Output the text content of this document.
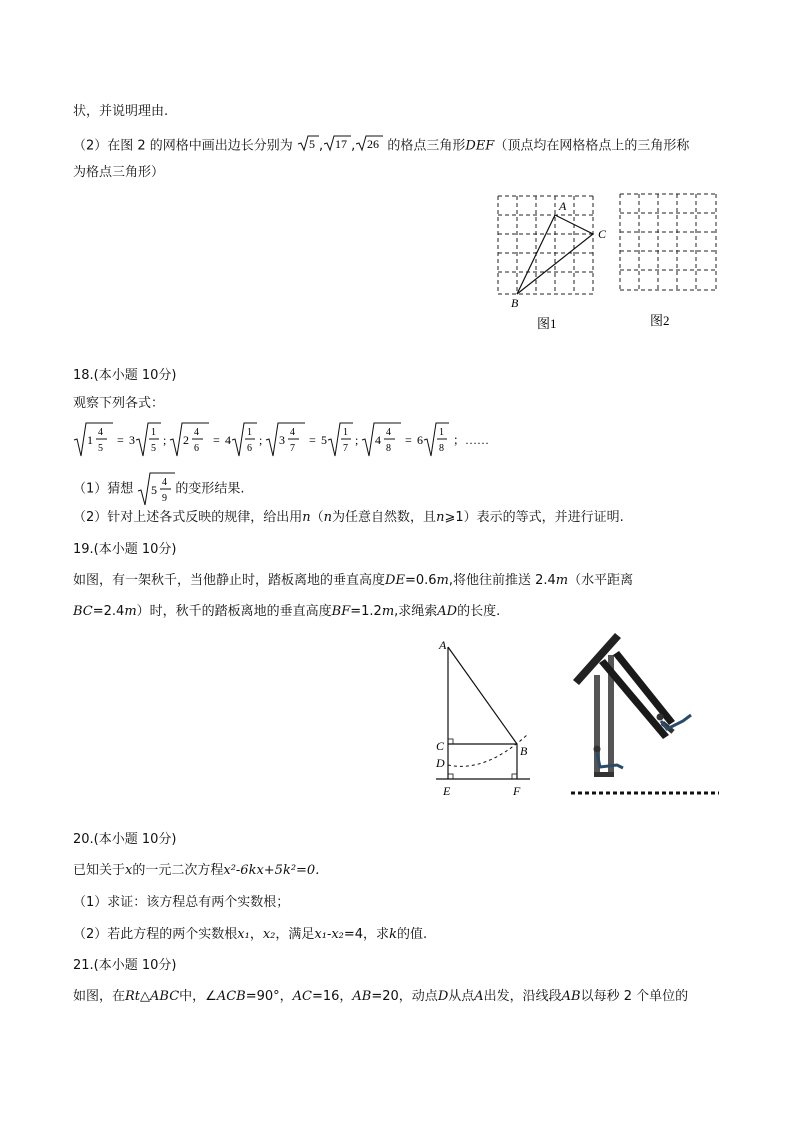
状，并说明理由.
（2）在图 2 的网格中画出边长分别为 5 , 17 , 26 的格点三角形DEF（顶点均在网格格点上的三角形称
为格点三角形）
A
B
C
图1	图2
18.(本小题 10分)
观察下列各式：
1
4
5
= 3
1
5
; 2
4
6
= 4
1
6
; 3
4
7
= 5
1
7
; 4
4
8
= 6
1
8
；……
（1）猜想 5
4
9
的变形结果.
（2）针对上述各式反映的规律，给出用n（n为任意自然数，且n⩾1）表示的等式，并进行证明.
19.(本小题 10分)
如图，有一架秋千，当他静止时，踏板离地的垂直高度DE=0.6m,将他往前推送 2.4m（水平距离
BC=2.4m）时，秋千的踏板离地的垂直高度BF=1.2m,求绳索AD的长度.
A
B
C
D
E	F
20.(本小题 10分)
已知关于x的一元二次方程x²-6kx+5k²=0.
（1）求证：该方程总有两个实数根；
（2）若此方程的两个实数根x₁，x₂，满足x₁-x₂=4，求k的值.
21.(本小题 10分)
如图，在Rt△ABC中，∠ACB=90°，AC=16，AB=20，动点D从点A出发，沿线段AB以每秒 2 个单位的
